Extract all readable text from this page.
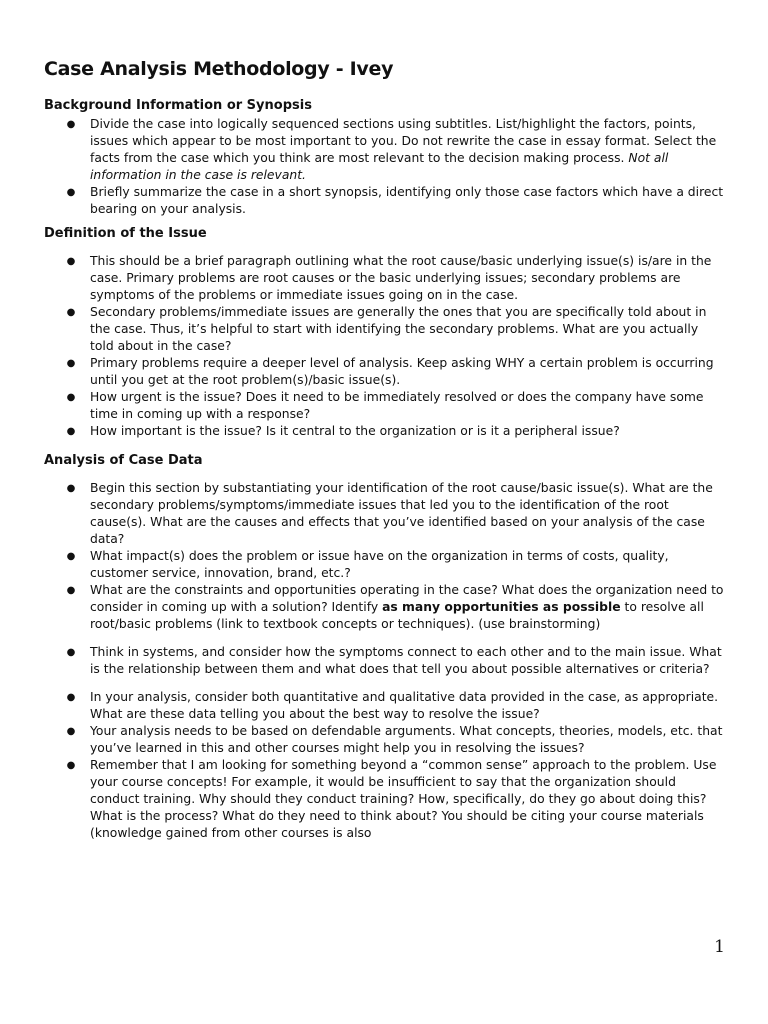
Case Analysis Methodology - Ivey
Background Information or Synopsis
● Divide the case into logically sequenced sections using subtitles. List/highlight the factors, points, issues which appear to be most important to you. Do not rewrite the case in essay format. Select the facts from the case which you think are most relevant to the decision making process. Not all information in the case is relevant.
● Briefly summarize the case in a short synopsis, identifying only those case factors which have a direct bearing on your analysis.
Definition of the Issue
● This should be a brief paragraph outlining what the root cause/basic underlying issue(s) is/are in the case. Primary problems are root causes or the basic underlying issues; secondary problems are symptoms of the problems or immediate issues going on in the case.
● Secondary problems/immediate issues are generally the ones that you are specifically told about in the case. Thus, it’s helpful to start with identifying the secondary problems. What are you actually told about in the case?
● Primary problems require a deeper level of analysis. Keep asking WHY a certain problem is occurring until you get at the root problem(s)/basic issue(s).
● How urgent is the issue? Does it need to be immediately resolved or does the company have some time in coming up with a response?
● How important is the issue? Is it central to the organization or is it a peripheral issue?
Analysis of Case Data
● Begin this section by substantiating your identification of the root cause/basic issue(s). What are the secondary problems/symptoms/immediate issues that led you to the identification of the root cause(s). What are the causes and effects that you’ve identified based on your analysis of the case data?
● What impact(s) does the problem or issue have on the organization in terms of costs, quality, customer service, innovation, brand, etc.?
● What are the constraints and opportunities operating in the case? What does the organization need to consider in coming up with a solution? Identify as many opportunities as possible to resolve all root/basic problems (link to textbook concepts or techniques). (use brainstorming)
● Think in systems, and consider how the symptoms connect to each other and to the main issue. What is the relationship between them and what does that tell you about possible alternatives or criteria?
● In your analysis, consider both quantitative and qualitative data provided in the case, as appropriate. What are these data telling you about the best way to resolve the issue?
● Your analysis needs to be based on defendable arguments. What concepts, theories, models, etc. that you’ve learned in this and other courses might help you in resolving the issues?
● Remember that I am looking for something beyond a “common sense” approach to the problem. Use your course concepts! For example, it would be insufficient to say that the organization should conduct training. Why should they conduct training? How, specifically, do they go about doing this? What is the process? What do they need to think about? You should be citing your course materials (knowledge gained from other courses is also
1
